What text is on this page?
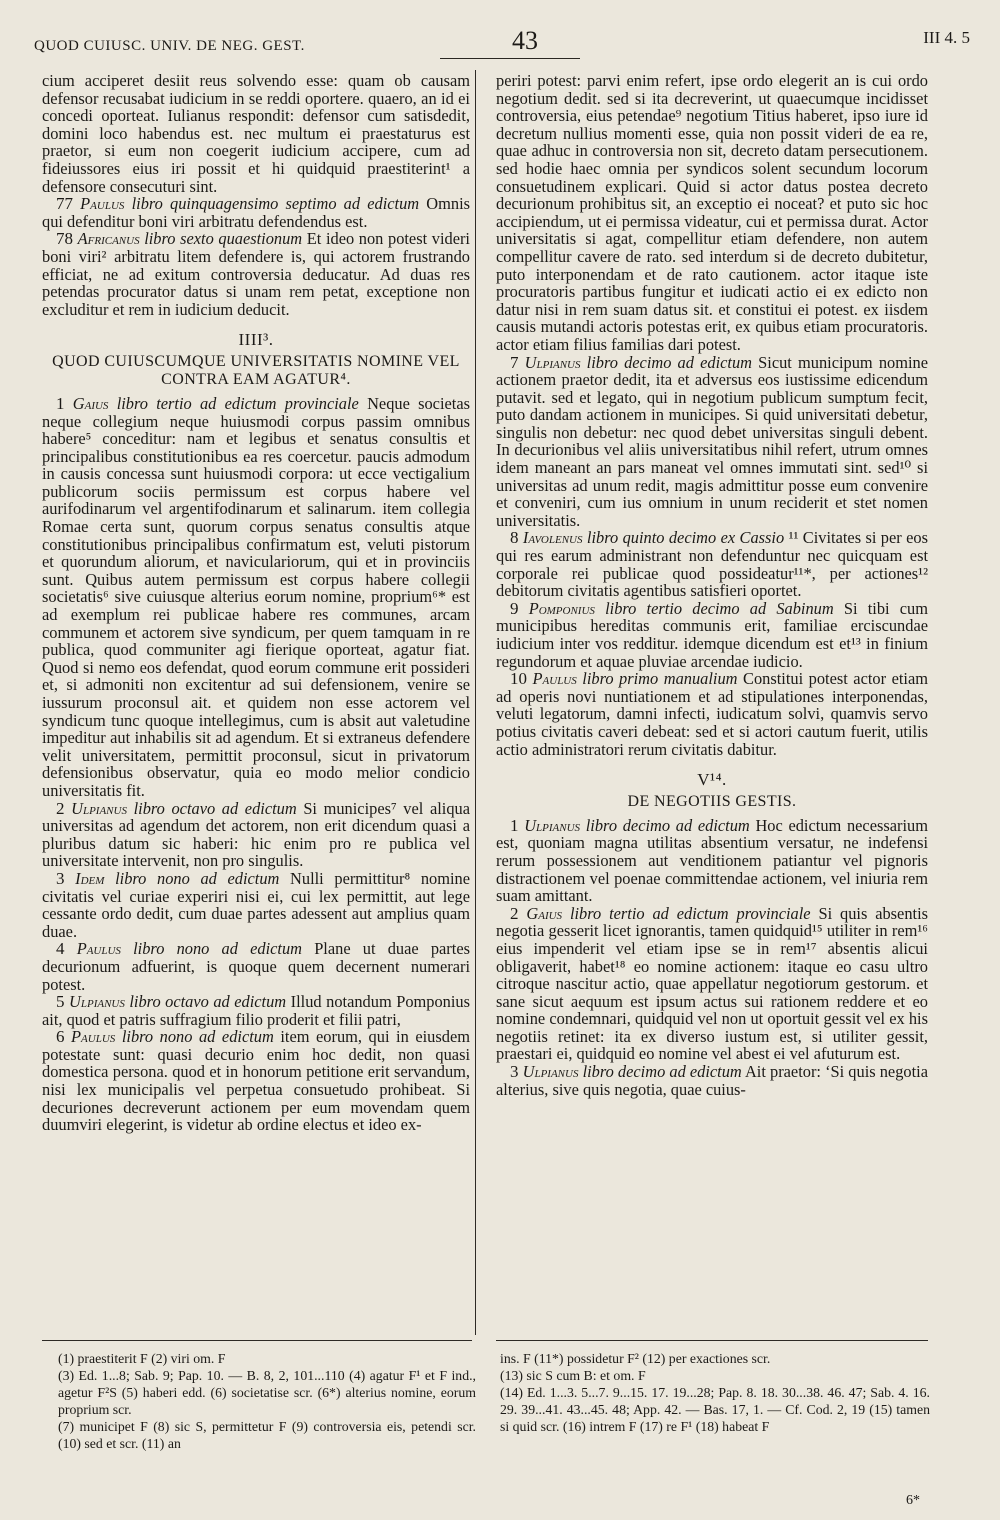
QUOD CUIUSC. UNIV. DE NEG. GEST.	43	III 4. 5

cium acciperet desiit reus solvendo esse: quam ob causam defensor recusabat iudicium in se reddi oportere. quaero, an id ei concedi oporteat. Iulianus respondit: defensor cum satisdedit, domini loco habendus est. nec multum ei praestaturus est praetor, si eum non coegerit iudicium accipere, cum ad fideiussores eius iri possit et hi quidquid praestiterint¹ a defensore consecuturi sint.

77 Paulus libro quinquagensimo septimo ad edictum Omnis qui defenditur boni viri arbitratu defendendus est.

78 Africanus libro sexto quaestionum Et ideo non potest videri boni viri² arbitratu litem defendere is, qui actorem frustrando efficiat, ne ad exitum controversia deducatur. Ad duas res petendas procurator datus si unam rem petat, exceptione non excluditur et rem in iudicium deducit.

IIII³.
QUOD CUIUSCUMQUE UNIVERSITATIS NOMINE VEL CONTRA EAM AGATUR⁴.

1 Gaius libro tertio ad edictum provinciale Neque societas neque collegium neque huiusmodi corpus passim omnibus habere⁵ conceditur: nam et legibus et senatus consultis et principalibus constitutionibus ea res coercetur. paucis admodum in causis concessa sunt huiusmodi corpora: ut ecce vectigalium publicorum sociis permissum est corpus habere vel aurifodinarum vel argentifodinarum et salinarum. item collegia Romae certa sunt, quorum corpus senatus consultis atque constitutionibus principalibus confirmatum est, veluti pistorum et quorundum aliorum, et naviculariorum, qui et in provinciis sunt. Quibus autem permissum est corpus habere collegii societatis⁶ sive cuiusque alterius eorum nomine, proprium⁶* est ad exemplum rei publicae habere res communes, arcam communem et actorem sive syndicum, per quem tamquam in re publica, quod communiter agi fierique oporteat, agatur fiat. Quod si nemo eos defendat, quod eorum commune erit possideri et, si admoniti non excitentur ad sui defensionem, venire se iussurum proconsul ait. et quidem non esse actorem vel syndicum tunc quoque intellegimus, cum is absit aut valetudine impeditur aut inhabilis sit ad agendum. Et si extraneus defendere velit universitatem, permittit proconsul, sicut in privatorum defensionibus observatur, quia eo modo melior condicio universitatis fit.

2 Ulpianus libro octavo ad edictum Si municipes⁷ vel aliqua universitas ad agendum det actorem, non erit dicendum quasi a pluribus datum sic haberi: hic enim pro re publica vel universitate intervenit, non pro singulis.

3 Idem libro nono ad edictum Nulli permittitur⁸ nomine civitatis vel curiae experiri nisi ei, cui lex permittit, aut lege cessante ordo dedit, cum duae partes adessent aut amplius quam duae.

4 Paulus libro nono ad edictum Plane ut duae partes decurionum adfuerint, is quoque quem decernent numerari potest.

5 Ulpianus libro octavo ad edictum Illud notandum Pomponius ait, quod et patris suffragium filio proderit et filii patri,

6 Paulus libro nono ad edictum item eorum, qui in eiusdem potestate sunt: quasi decurio enim hoc dedit, non quasi domestica persona. quod et in honorum petitione erit servandum, nisi lex municipalis vel perpetua consuetudo prohibeat. Si decuriones decreverunt actionem per eum movendam quem duumviri elegerint, is videtur ab ordine electus et ideo ex-

periri potest: parvi enim refert, ipse ordo elegerit an is cui ordo negotium dedit. sed si ita decreverint, ut quaecumque incidisset controversia, eius petendae⁹ negotium Titius haberet, ipso iure id decretum nullius momenti esse, quia non possit videri de ea re, quae adhuc in controversia non sit, decreto datam persecutionem. sed hodie haec omnia per syndicos solent secundum locorum consuetudinem explicari. Quid si actor datus postea decreto decurionum prohibitus sit, an exceptio ei noceat? et puto sic hoc accipiendum, ut ei permissa videatur, cui et permissa durat. Actor universitatis si agat, compellitur etiam defendere, non autem compellitur cavere de rato. sed interdum si de decreto dubitetur, puto interponendam et de rato cautionem. actor itaque iste procuratoris partibus fungitur et iudicati actio ei ex edicto non datur nisi in rem suam datus sit. et constitui ei potest. ex iisdem causis mutandi actoris potestas erit, ex quibus etiam procuratoris. actor etiam filius familias dari potest.

7 Ulpianus libro decimo ad edictum Sicut municipum nomine actionem praetor dedit, ita et adversus eos iustissime edicendum putavit. sed et legato, qui in negotium publicum sumptum fecit, puto dandam actionem in municipes. Si quid universitati debetur, singulis non debetur: nec quod debet universitas singuli debent. In decurionibus vel aliis universitatibus nihil refert, utrum omnes idem maneant an pars maneat vel omnes immutati sint. sed¹⁰ si universitas ad unum redit, magis admittitur posse eum convenire et conveniri, cum ius omnium in unum reciderit et stet nomen universitatis.

8 Iavolenus libro quinto decimo ex Cassio ¹¹ Civitates si per eos qui res earum administrant non defenduntur nec quicquam est corporale rei publicae quod possideatur¹¹*, per actiones¹² debitorum civitatis agentibus satisfieri oportet.

9 Pomponius libro tertio decimo ad Sabinum Si tibi cum municipibus hereditas communis erit, familiae erciscundae iudicium inter vos redditur. idemque dicendum est et¹³ in finium regundorum et aquae pluviae arcendae iudicio.

10 Paulus libro primo manualium Constitui potest actor etiam ad operis novi nuntiationem et ad stipulationes interponendas, veluti legatorum, damni infecti, iudicatum solvi, quamvis servo potius civitatis caveri debeat: sed et si actori cautum fuerit, utilis actio administratori rerum civitatis dabitur.

V¹⁴.
DE NEGOTIIS GESTIS.

1 Ulpianus libro decimo ad edictum Hoc edictum necessarium est, quoniam magna utilitas absentium versatur, ne indefensi rerum possessionem aut venditionem patiantur vel pignoris distractionem vel poenae committendae actionem, vel iniuria rem suam amittant.

2 Gaius libro tertio ad edictum provinciale Si quis absentis negotia gesserit licet ignorantis, tamen quidquid¹⁵ utiliter in rem¹⁶ eius impenderit vel etiam ipse se in rem¹⁷ absentis alicui obligaverit, habet¹⁸ eo nomine actionem: itaque eo casu ultro citroque nascitur actio, quae appellatur negotiorum gestorum. et sane sicut aequum est ipsum actus sui rationem reddere et eo nomine condemnari, quidquid vel non ut oportuit gessit vel ex his negotiis retinet: ita ex diverso iustum est, si utiliter gessit, praestari ei, quidquid eo nomine vel abest ei vel afuturum est.

3 Ulpianus libro decimo ad edictum Ait praetor: ‘Si quis negotia alterius, sive quis negotia, quae cuius-

(1) praestiterit F (2) viri om. F

(3) Ed. 1...8; Sab. 9; Pap. 10. — B. 8, 2, 101...110 (4) agatur F¹ et F ind., agetur F²S (5) haberi edd. (6) societatise scr. (6*) alterius nomine, eorum proprium scr.

(7) municipet F (8) sic S, permittetur F (9) controversia eis, petendi scr. (10) sed et scr. (11) an

ins. F (11*) possidetur F² (12) per exactiones scr.

(13) sic S cum B: et om. F

(14) Ed. 1...3. 5...7. 9...15. 17. 19...28; Pap. 8. 18. 30...38. 46. 47; Sab. 4. 16. 29. 39...41. 43...45. 48; App. 42. — Bas. 17, 1. — Cf. Cod. 2, 19 (15) tamen si quid scr. (16) intrem F (17) re F¹ (18) habeat F

6*
